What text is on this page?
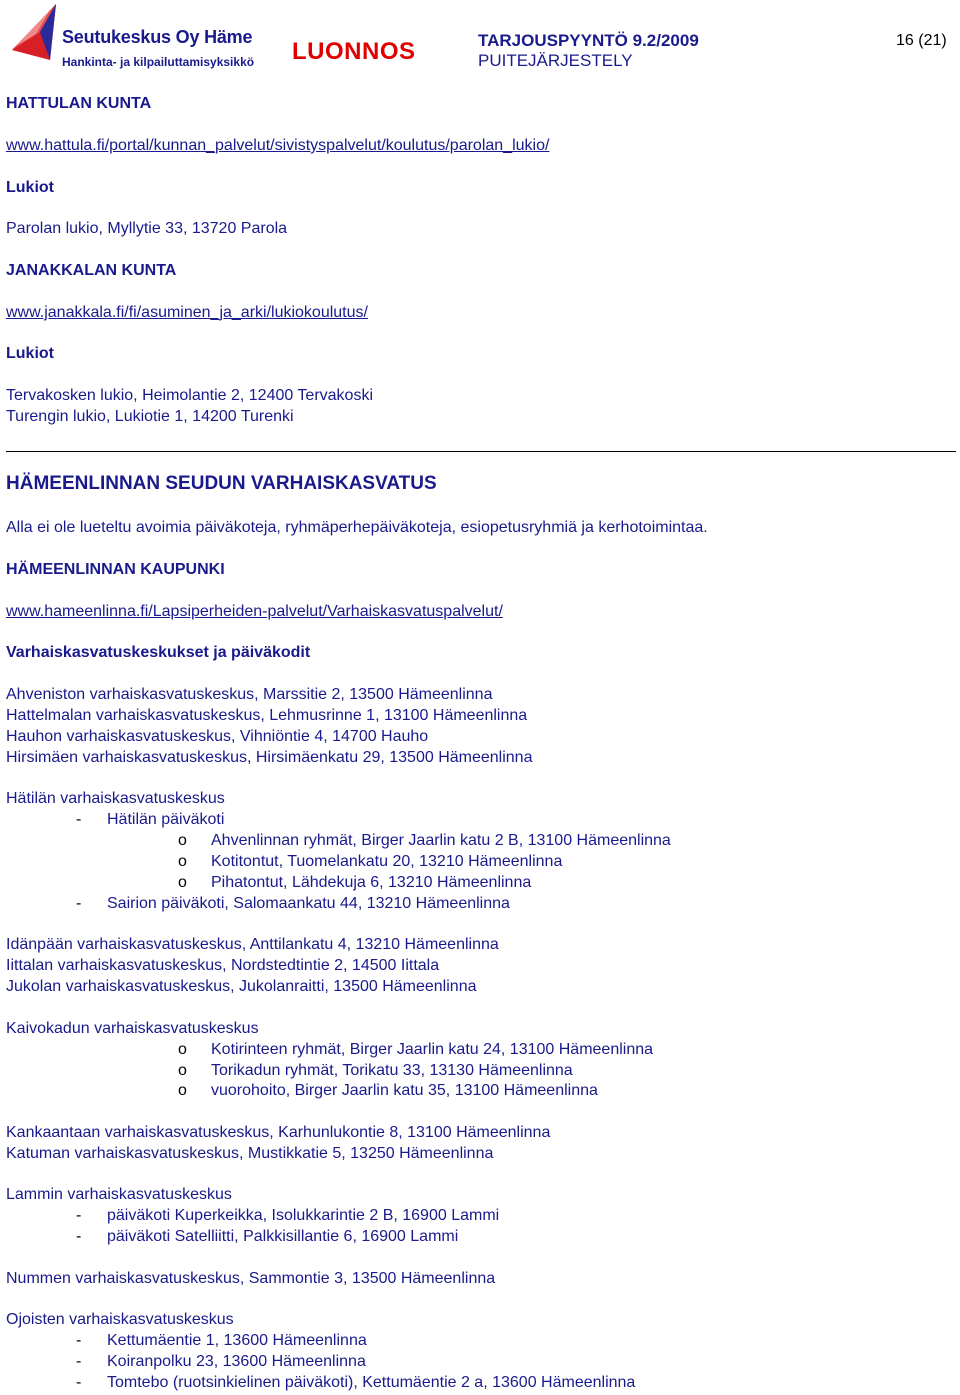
Seutukeskus Oy Häme
Hankinta- ja kilpailuttamisyksikkö LUONNOS	TARJOUSPYYNTÖ 9.2/2009
PUITEJÄRJESTELY
16 (21)
HATTULAN KUNTA
www.hattula.fi/portal/kunnan_palvelut/sivistyspalvelut/koulutus/parolan_lukio/
Lukiot
Parolan lukio, Myllytie 33, 13720 Parola
JANAKKALAN KUNTA
www.janakkala.fi/fi/asuminen_ja_arki/lukiokoulutus/
Lukiot
Tervakosken lukio, Heimolantie 2, 12400 Tervakoski
Turengin lukio, Lukiotie 1, 14200 Turenki
HÄMEENLINNAN SEUDUN VARHAISKASVATUS
Alla ei ole lueteltu avoimia päiväkoteja, ryhmäperhepäiväkoteja, esiopetusryhmiä ja kerhotoimintaa.
HÄMEENLINNAN KAUPUNKI
www.hameenlinna.fi/Lapsiperheiden-palvelut/Varhaiskasvatuspalvelut/
Varhaiskasvatuskeskukset ja päiväkodit
Ahveniston varhaiskasvatuskeskus, Marssitie 2, 13500 Hämeenlinna
Hattelmalan varhaiskasvatuskeskus, Lehmusrinne 1, 13100 Hämeenlinna
Hauhon varhaiskasvatuskeskus, Vihniöntie 4, 14700 Hauho
Hirsimäen varhaiskasvatuskeskus, Hirsimäenkatu 29, 13500 Hämeenlinna
Hätilän varhaiskasvatuskeskus
- Hätilän päiväkoti
o Ahvenlinnan ryhmät, Birger Jaarlin katu 2 B, 13100 Hämeenlinna
o Kotitontut, Tuomelankatu 20, 13210 Hämeenlinna
o Pihatontut, Lähdekuja 6, 13210 Hämeenlinna
- Sairion päiväkoti, Salomaankatu 44, 13210 Hämeenlinna
Idänpään varhaiskasvatuskeskus, Anttilankatu 4, 13210 Hämeenlinna
Iittalan varhaiskasvatuskeskus, Nordstedtintie 2, 14500 Iittala
Jukolan varhaiskasvatuskeskus, Jukolanraitti, 13500 Hämeenlinna
Kaivokadun varhaiskasvatuskeskus
o Kotirinteen ryhmät, Birger Jaarlin katu 24, 13100 Hämeenlinna
o Torikadun ryhmät, Torikatu 33, 13130 Hämeenlinna
o vuorohoito, Birger Jaarlin katu 35, 13100 Hämeenlinna
Kankaantaan varhaiskasvatuskeskus, Karhunlukontie 8, 13100 Hämeenlinna
Katuman varhaiskasvatuskeskus, Mustikkatie 5, 13250 Hämeenlinna
Lammin varhaiskasvatuskeskus
- päiväkoti Kuperkeikka, Isolukkarintie 2 B, 16900 Lammi
- päiväkoti Satelliitti, Palkkisillantie 6, 16900 Lammi
Nummen varhaiskasvatuskeskus, Sammontie 3, 13500 Hämeenlinna
Ojoisten varhaiskasvatuskeskus
- Kettumäentie 1, 13600 Hämeenlinna
- Koiranpolku 23, 13600 Hämeenlinna
- Tomtebo (ruotsinkielinen päiväkoti), Kettumäentie 2 a, 13600 Hämeenlinna
